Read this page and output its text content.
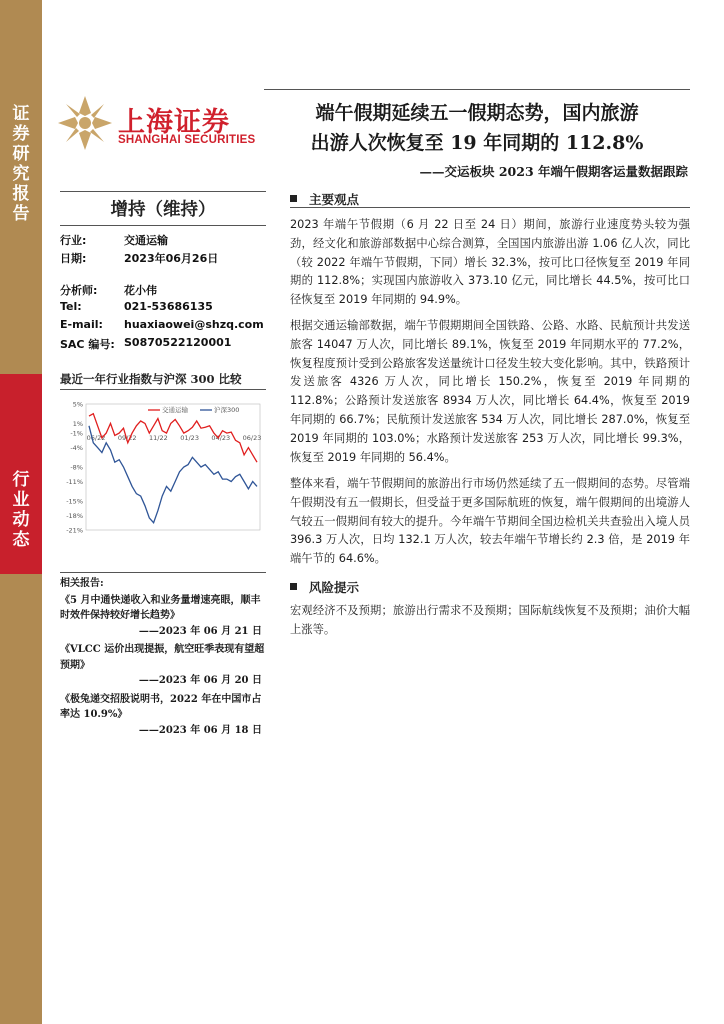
证
券
研
究
报
告
行
业
动
态
上海证券
SHANGHAI SECURITIES
端午假期延续五一假期态势，国内旅游
出游人次恢复至 19 年同期的 112.8%
——交运板块 2023 年端午假期客运量数据跟踪
增持（维持）
行业:	交通运输
日期:	2023年06月26日
分析师: 花小伟
Tel:	021-53686135
E-mail: huaxiaowei@shzq.com
SAC 编号: S0870522120001
最近一年行业指数与沪深 300 比较
5%
1%
-1%
-4%
-8%
-11%
-15%
-18%
-21%
06/22 09/22 11/22 01/23 04/23 06/23
交通运输	沪深300
相关报告:
《5 月中通快递收入和业务量增速亮眼，顺丰时效件保持较好增长趋势》
——2023 年 06 月 21 日
《VLCC 运价出现提振，航空旺季表现有望超预期》
——2023 年 06 月 20 日
《极兔递交招股说明书，2022 年在中国市占率达 10.9%》
——2023 年 06 月 18 日
主要观点
2023 年端午节假期（6 月 22 日至 24 日）期间，旅游行业速度势头较为强劲，经文化和旅游部数据中心综合测算，全国国内旅游出游 1.06 亿人次，同比（较 2022 年端午节假期，下同）增长 32.3%，按可比口径恢复至 2019 年同期的 112.8%；实现国内旅游收入 373.10 亿元，同比增长 44.5%，按可比口径恢复至 2019 年同期的 94.9%。
根据交通运输部数据，端午节假期期间全国铁路、公路、水路、民航预计共发送旅客 14047 万人次，同比增长 89.1%，恢复至 2019 年同期水平的 77.2%，恢复程度预计受到公路旅客发送量统计口径发生较大变化影响。其中，铁路预计发送旅客 4326 万人次，同比增长 150.2%，恢复至 2019 年同期的 112.8%；公路预计发送旅客 8934 万人次，同比增长 64.4%，恢复至 2019 年同期的 66.7%；民航预计发送旅客 534 万人次，同比增长 287.0%，恢复至 2019 年同期的 103.0%；水路预计发送旅客 253 万人次，同比增长 99.3%，恢复至 2019 年同期的 56.4%。
整体来看，端午节假期间的旅游出行市场仍然延续了五一假期间的态势。尽管端午假期没有五一假期长，但受益于更多国际航班的恢复，端午假期间的出境游人气较五一假期间有较大的提升。今年端午节期间全国边检机关共查验出入境人员 396.3 万人次，日均 132.1 万人次，较去年端午节增长约 2.3 倍，是 2019 年端午节的 64.6%。
风险提示
宏观经济不及预期；旅游出行需求不及预期；国际航线恢复不及预期；油价大幅上涨等。
